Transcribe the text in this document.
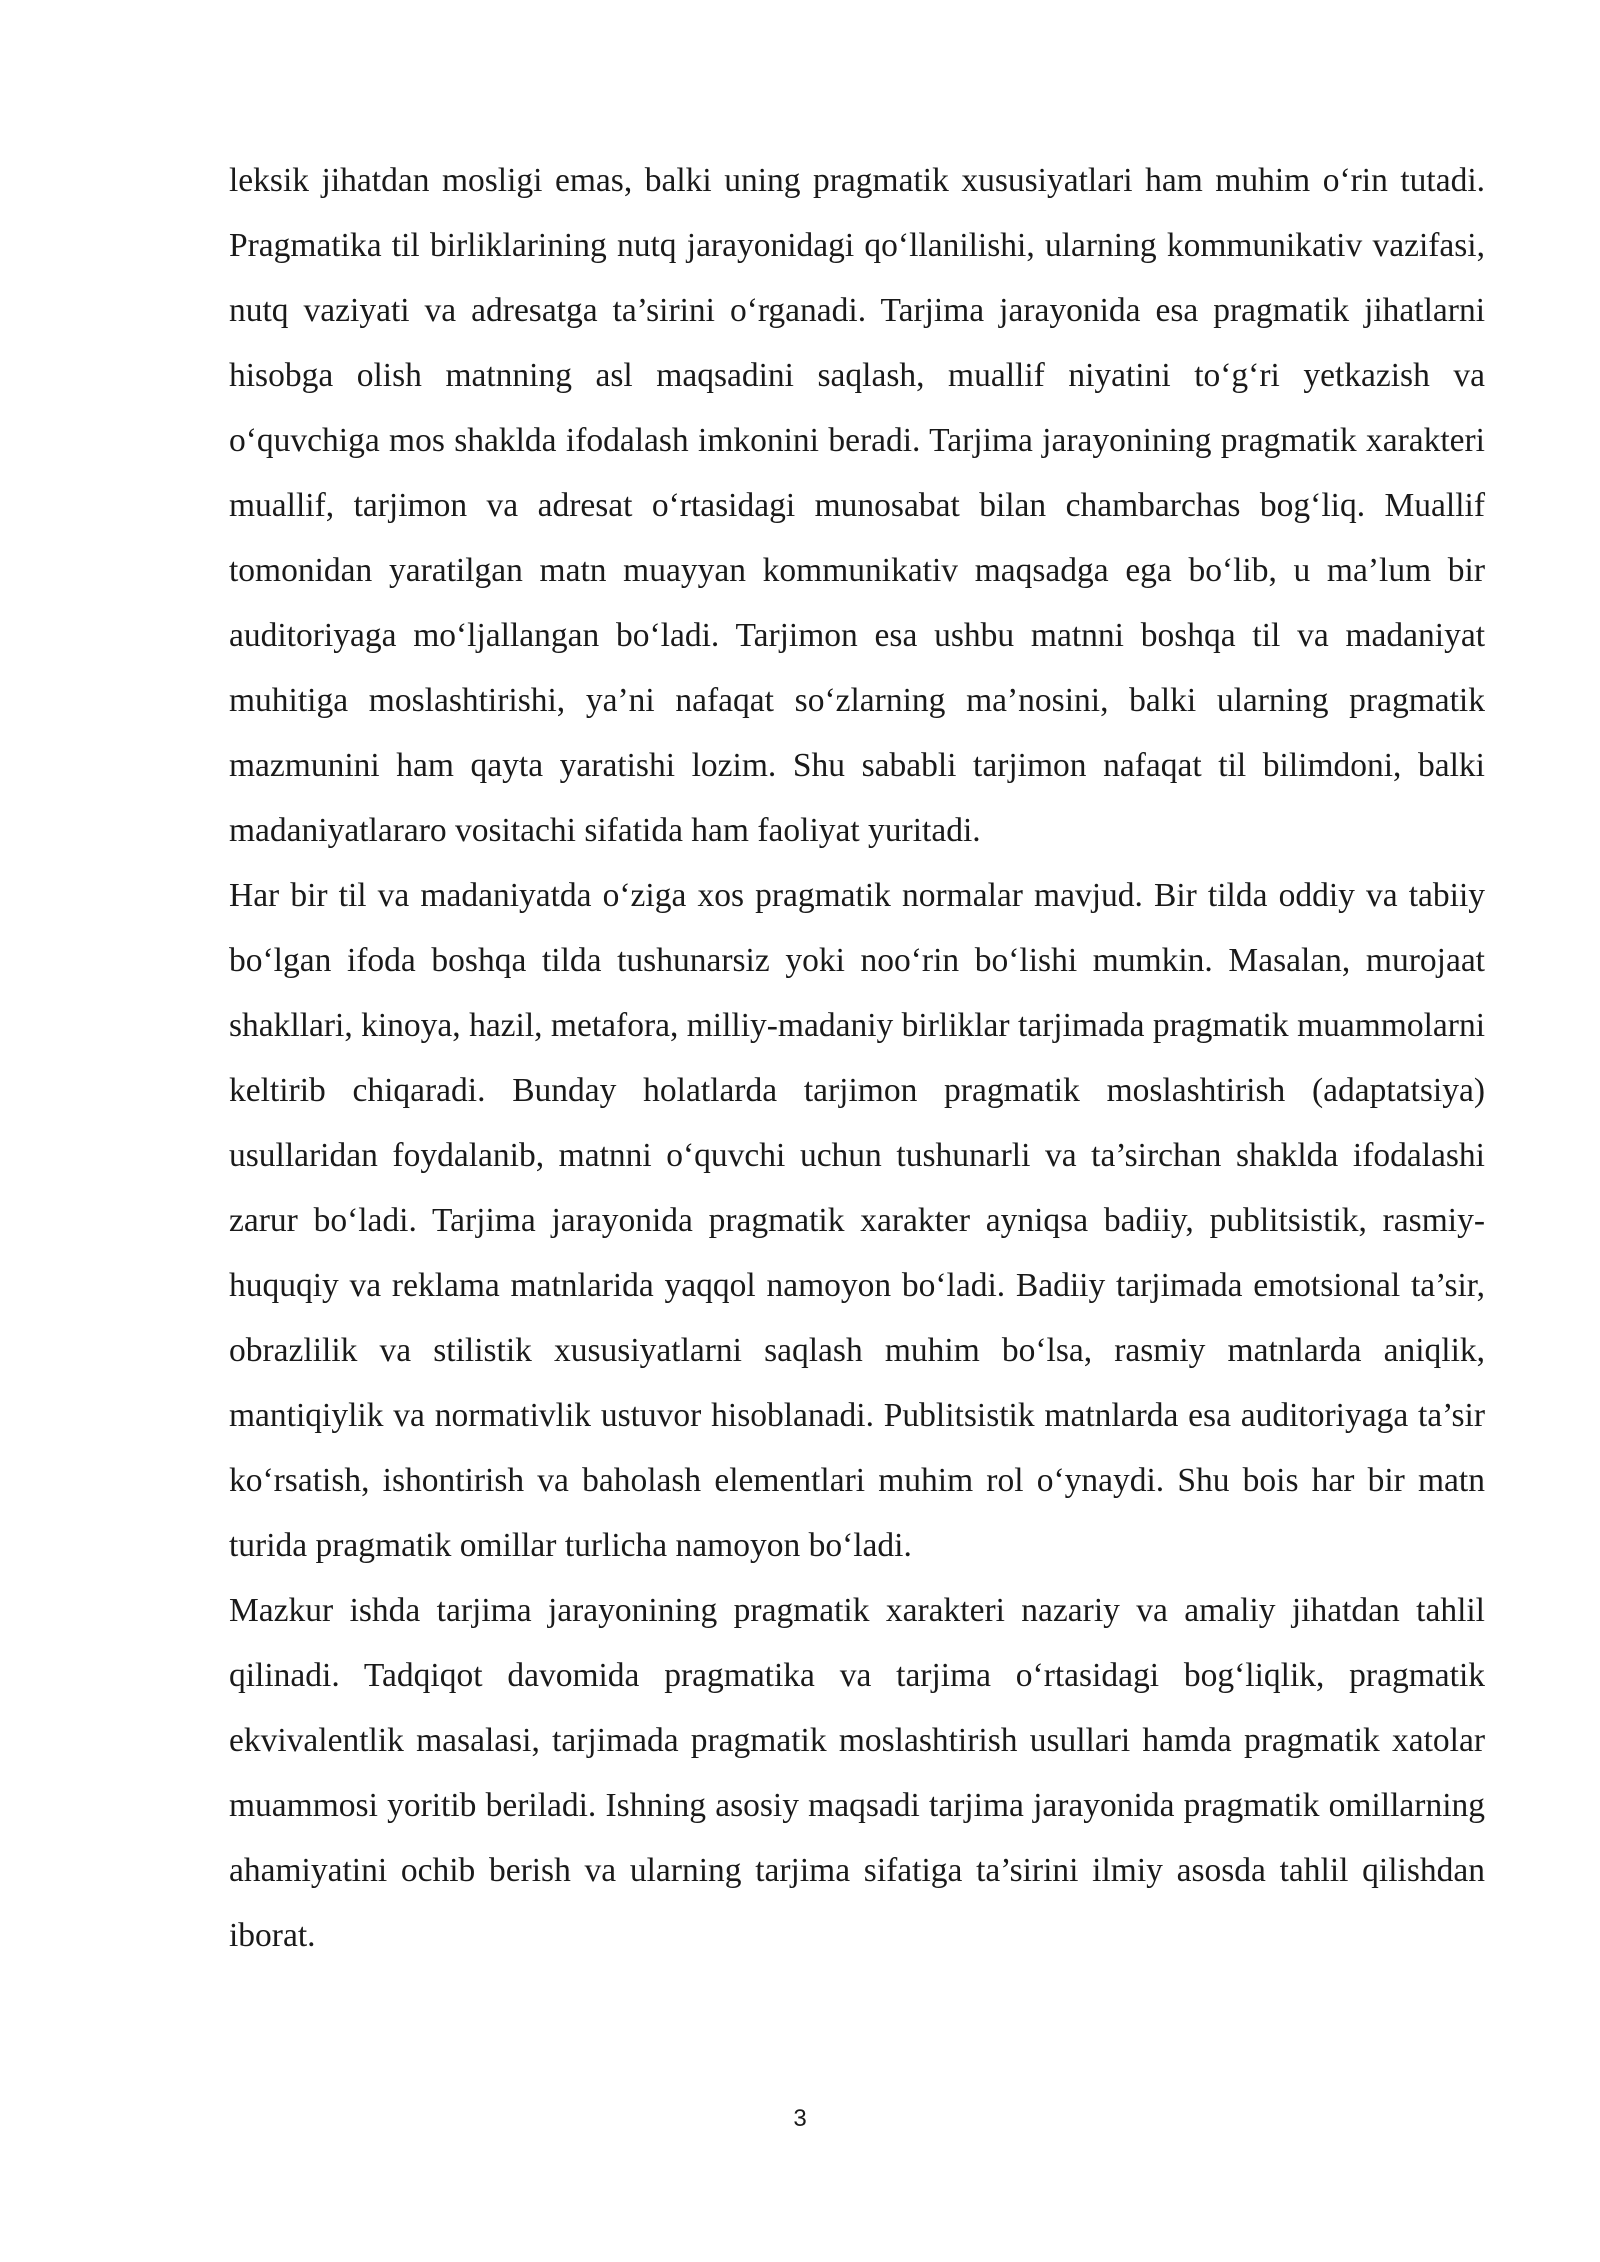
leksik jihatdan mosligi emas, balki uning pragmatik xususiyatlari ham muhim o‘rin tutadi. Pragmatika til birliklarining nutq jarayonidagi qo‘llanilishi, ularning kommunikativ vazifasi, nutq vaziyati va adresatga ta’sirini o‘rganadi. Tarjima jarayonida esa pragmatik jihatlarni hisobga olish matnning asl maqsadini saqlash, muallif niyatini to‘g‘ri yetkazish va o‘quvchiga mos shaklda ifodalash imkonini beradi. Tarjima jarayonining pragmatik xarakteri muallif, tarjimon va adresat o‘rtasidagi munosabat bilan chambarchas bog‘liq. Muallif tomonidan yaratilgan matn muayyan kommunikativ maqsadga ega bo‘lib, u ma’lum bir auditoriyaga mo‘ljallangan bo‘ladi. Tarjimon esa ushbu matnni boshqa til va madaniyat muhitiga moslashtirishi, ya’ni nafaqat so‘zlarning ma’nosini, balki ularning pragmatik mazmunini ham qayta yaratishi lozim. Shu sababli tarjimon nafaqat til bilimdoni, balki madaniyatlararo vositachi sifatida ham faoliyat yuritadi.

Har bir til va madaniyatda o‘ziga xos pragmatik normalar mavjud. Bir tilda oddiy va tabiiy bo‘lgan ifoda boshqa tilda tushunarsiz yoki noo‘rin bo‘lishi mumkin. Masalan, murojaat shakllari, kinoya, hazil, metafora, milliy-madaniy birliklar tarjimada pragmatik muammolarni keltirib chiqaradi. Bunday holatlarda tarjimon pragmatik moslashtirish (adaptatsiya) usullaridan foydalanib, matnni o‘quvchi uchun tushunarli va ta’sirchan shaklda ifodalashi zarur bo‘ladi. Tarjima jarayonida pragmatik xarakter ayniqsa badiiy, publitsistik, rasmiy-huquqiy va reklama matnlarida yaqqol namoyon bo‘ladi. Badiiy tarjimada emotsional ta’sir, obrazlilik va stilistik xususiyatlarni saqlash muhim bo‘lsa, rasmiy matnlarda aniqlik, mantiqiylik va normativlik ustuvor hisoblanadi. Publitsistik matnlarda esa auditoriyaga ta’sir ko‘rsatish, ishontirish va baholash elementlari muhim rol o‘ynaydi. Shu bois har bir matn turida pragmatik omillar turlicha namoyon bo‘ladi.

Mazkur ishda tarjima jarayonining pragmatik xarakteri nazariy va amaliy jihatdan tahlil qilinadi. Tadqiqot davomida pragmatika va tarjima o‘rtasidagi bog‘liqlik, pragmatik ekvivalentlik masalasi, tarjimada pragmatik moslashtirish usullari hamda pragmatik xatolar muammosi yoritib beriladi. Ishning asosiy maqsadi tarjima jarayonida pragmatik omillarning ahamiyatini ochib berish va ularning tarjima sifatiga ta’sirini ilmiy asosda tahlil qilishdan iborat.

3
